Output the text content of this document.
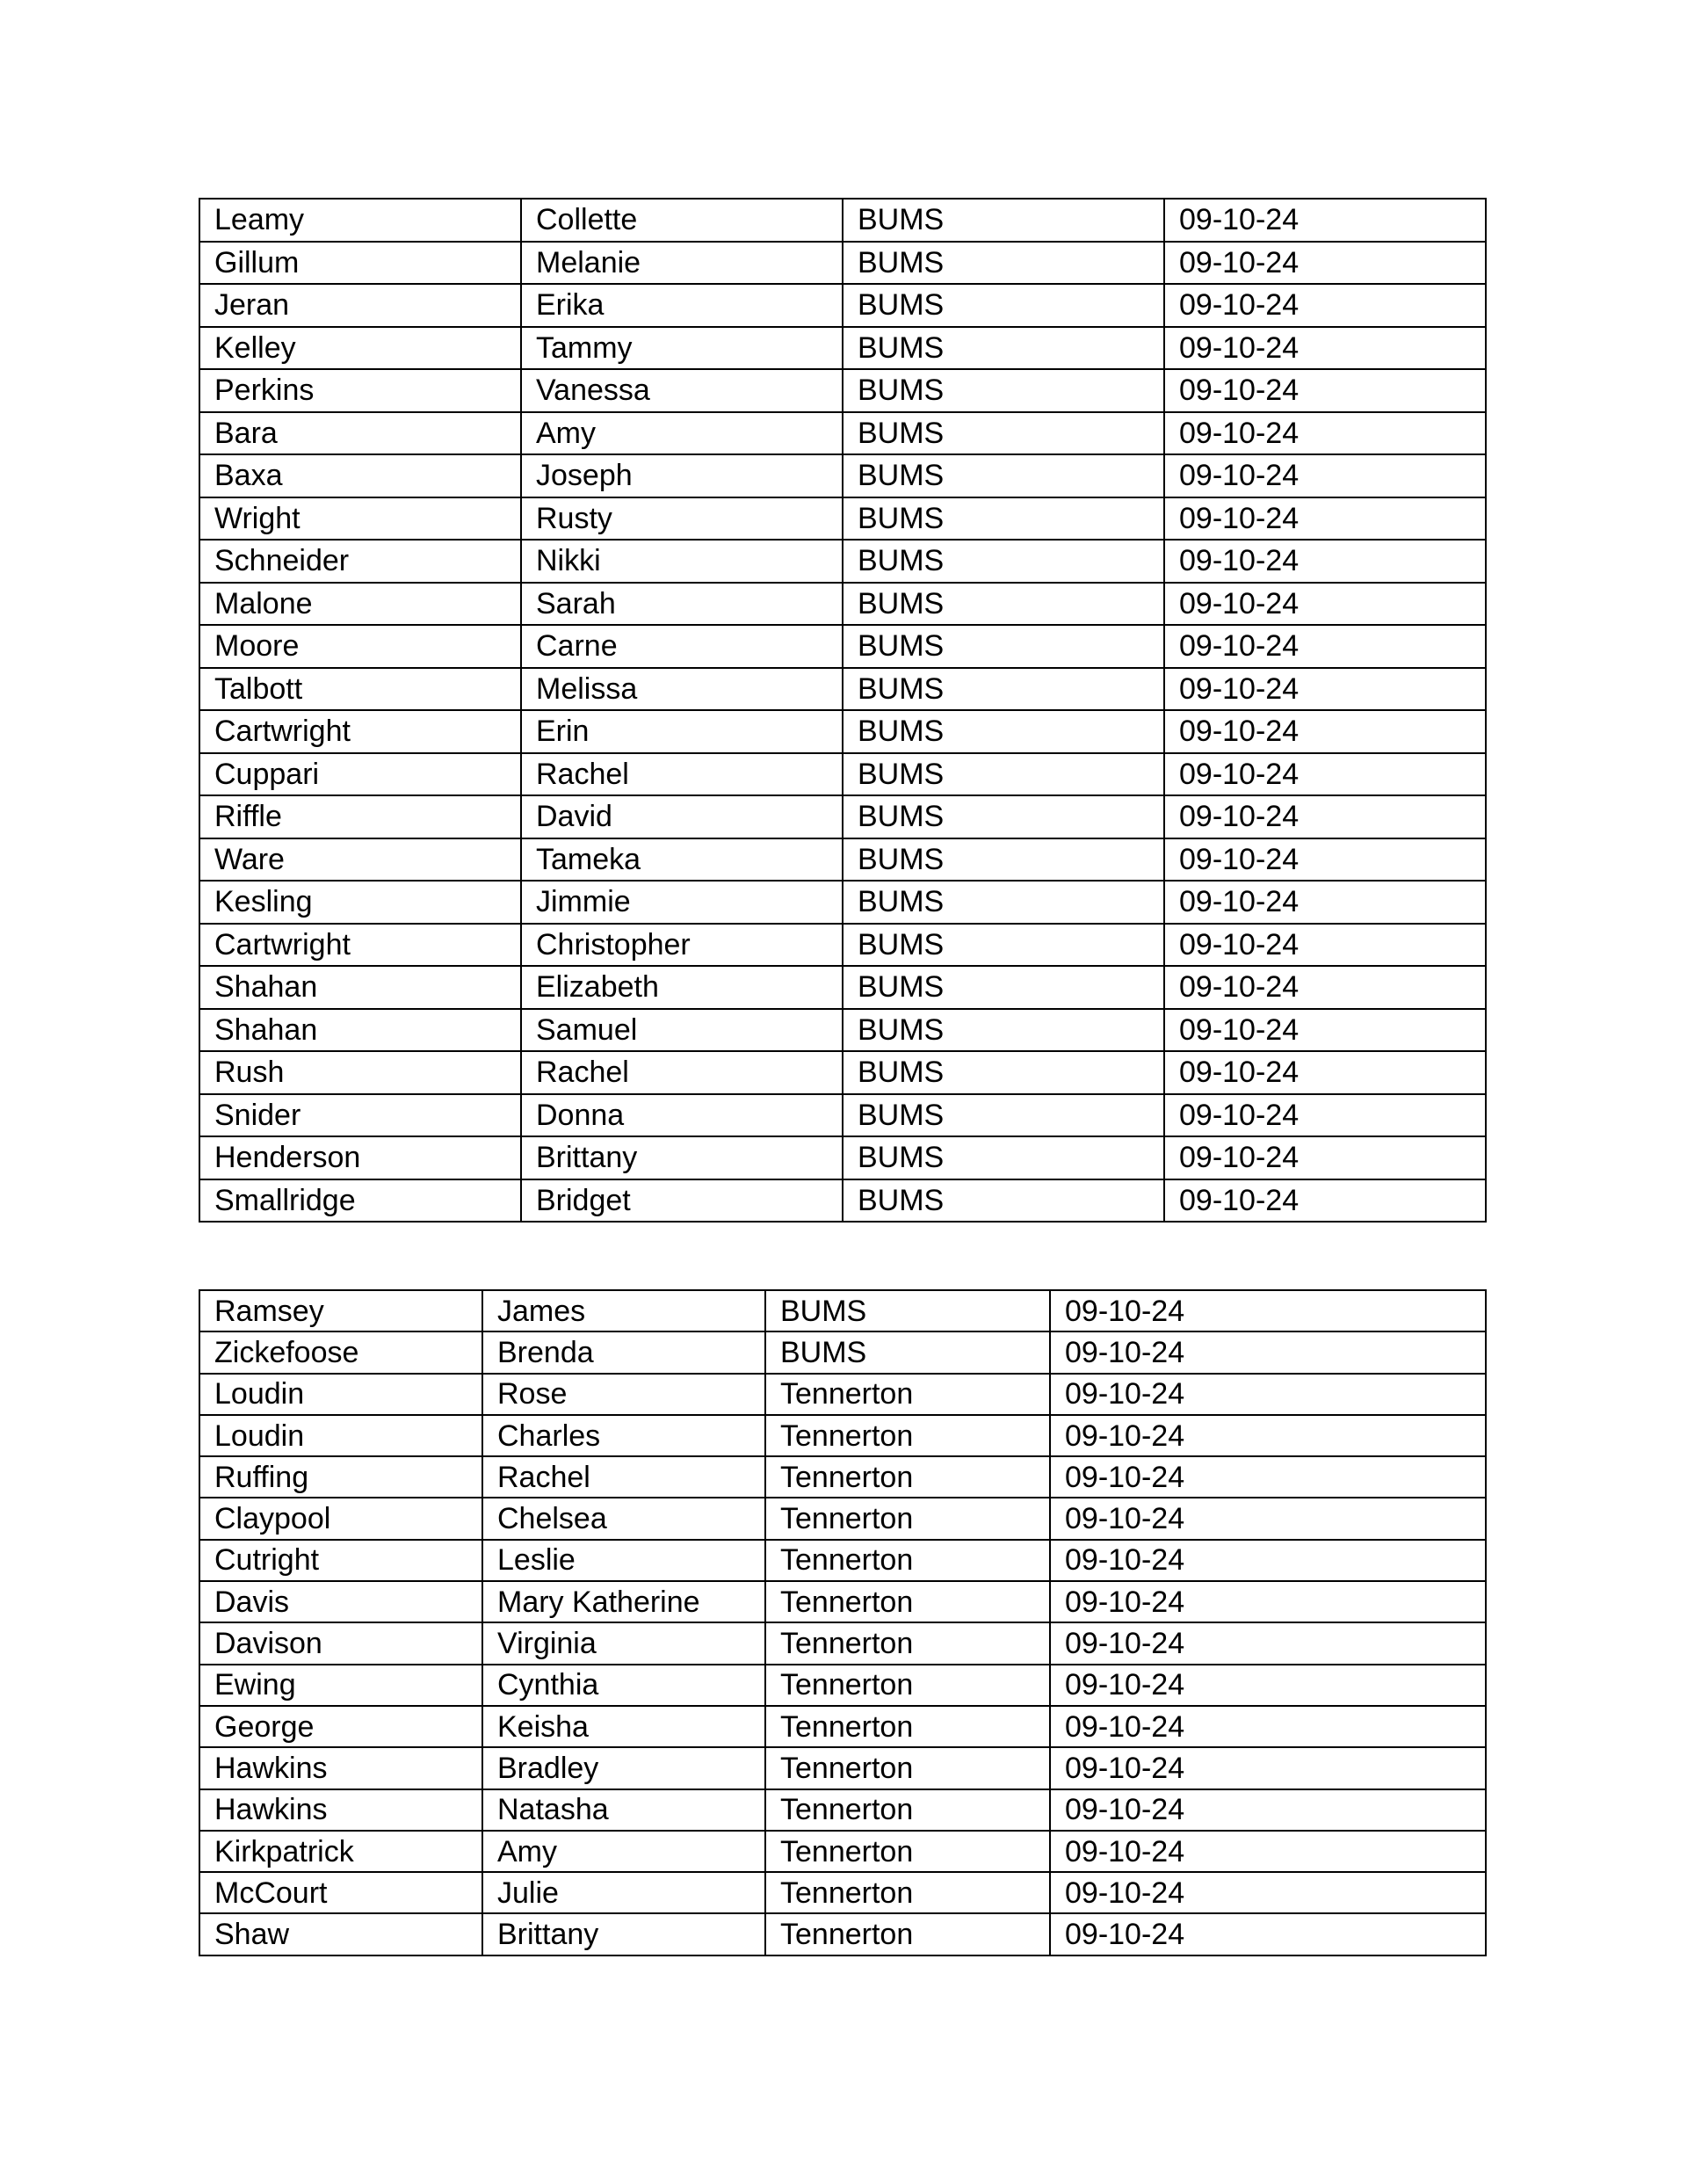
Leamy	Collette	BUMS	09-10-24
Gillum	Melanie	BUMS	09-10-24
Jeran	Erika	BUMS	09-10-24
Kelley	Tammy	BUMS	09-10-24
Perkins	Vanessa	BUMS	09-10-24
Bara	Amy	BUMS	09-10-24
Baxa	Joseph	BUMS	09-10-24
Wright	Rusty	BUMS	09-10-24
Schneider	Nikki	BUMS	09-10-24
Malone	Sarah	BUMS	09-10-24
Moore	Carne	BUMS	09-10-24
Talbott	Melissa	BUMS	09-10-24
Cartwright	Erin	BUMS	09-10-24
Cuppari	Rachel	BUMS	09-10-24
Riffle	David	BUMS	09-10-24
Ware	Tameka	BUMS	09-10-24
Kesling	Jimmie	BUMS	09-10-24
Cartwright	Christopher	BUMS	09-10-24
Shahan	Elizabeth	BUMS	09-10-24
Shahan	Samuel	BUMS	09-10-24
Rush	Rachel	BUMS	09-10-24
Snider	Donna	BUMS	09-10-24
Henderson	Brittany	BUMS	09-10-24
Smallridge	Bridget	BUMS	09-10-24
Ramsey	James	BUMS	09-10-24
Zickefoose	Brenda	BUMS	09-10-24
Loudin	Rose	Tennerton	09-10-24
Loudin	Charles	Tennerton	09-10-24
Ruffing	Rachel	Tennerton	09-10-24
Claypool	Chelsea	Tennerton	09-10-24
Cutright	Leslie	Tennerton	09-10-24
Davis	Mary Katherine	Tennerton	09-10-24
Davison	Virginia	Tennerton	09-10-24
Ewing	Cynthia	Tennerton	09-10-24
George	Keisha	Tennerton	09-10-24
Hawkins	Bradley	Tennerton	09-10-24
Hawkins	Natasha	Tennerton	09-10-24
Kirkpatrick	Amy	Tennerton	09-10-24
McCourt	Julie	Tennerton	09-10-24
Shaw	Brittany	Tennerton	09-10-24
